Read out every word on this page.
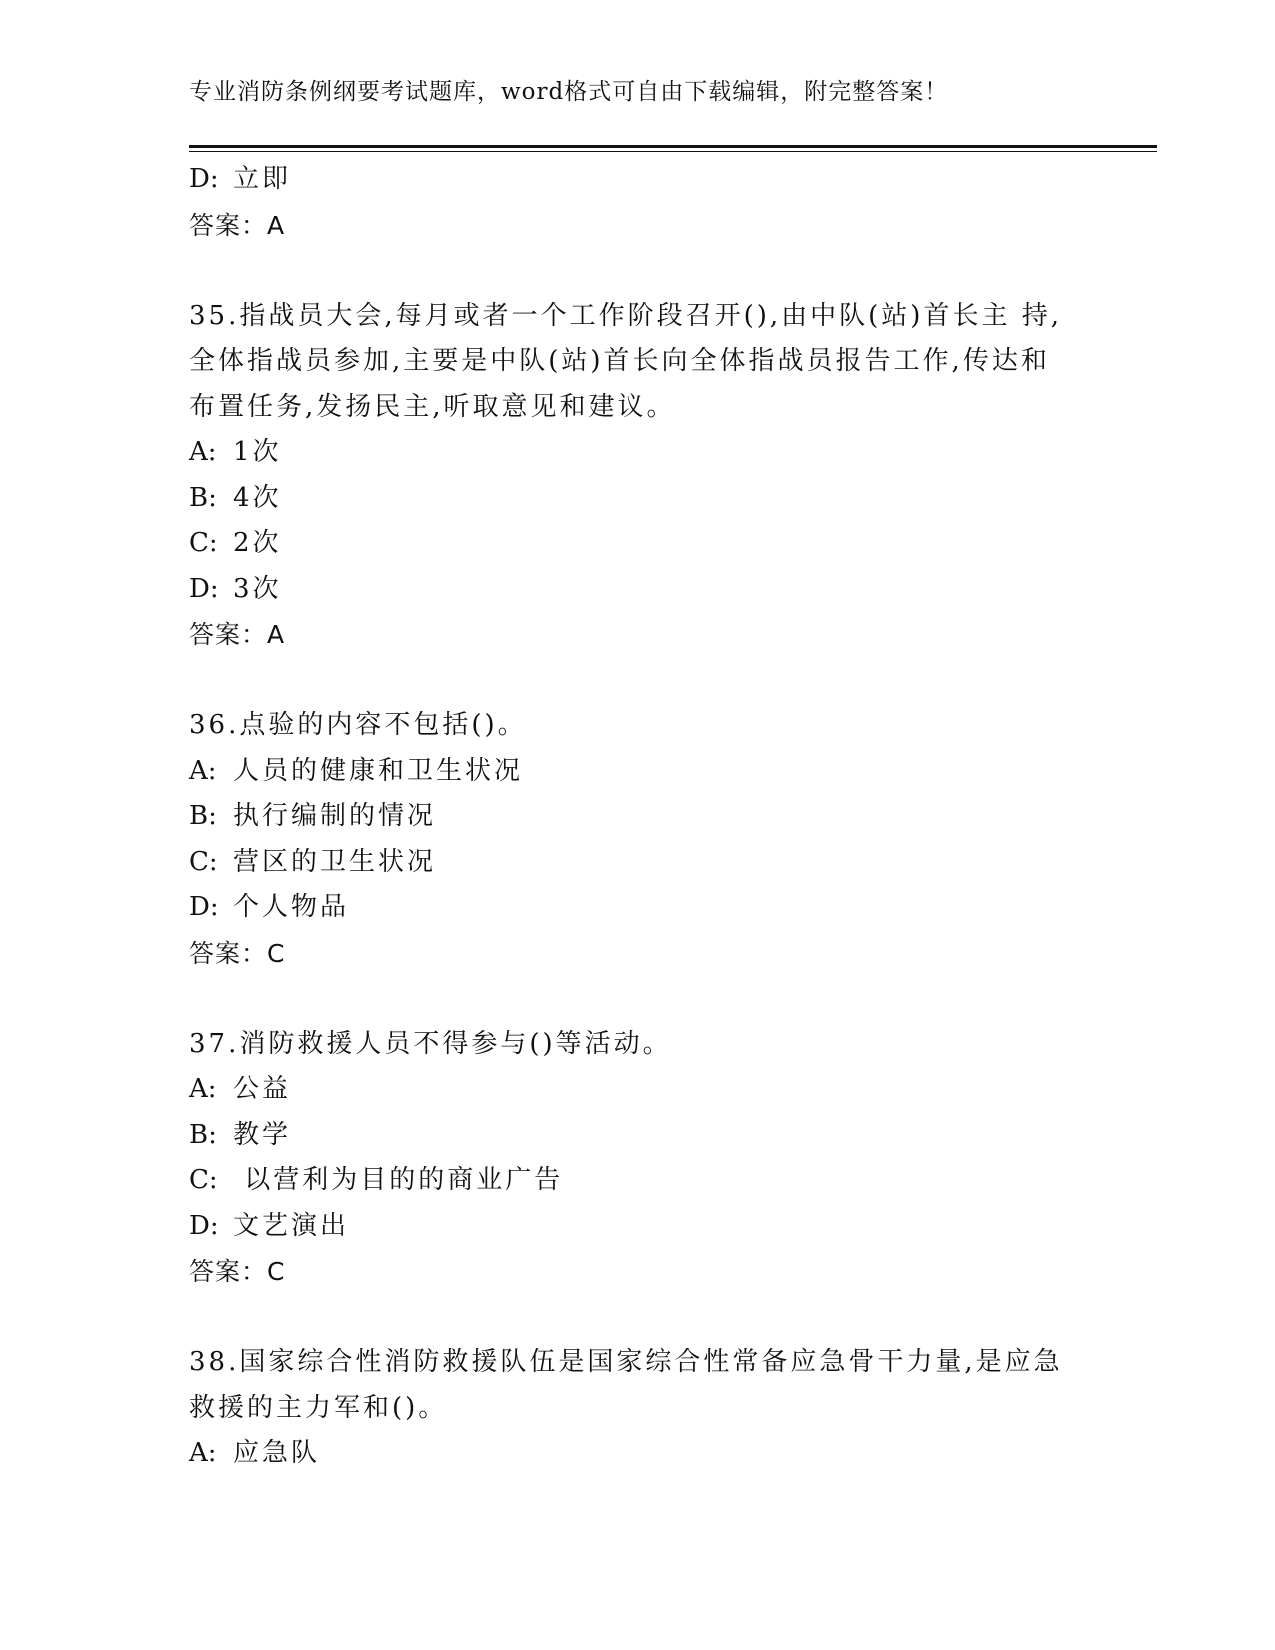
专业消防条例纲要考试题库，word格式可自由下载编辑，附完整答案！
D: 立即
答案：A
35.指战员大会,每月或者一个工作阶段召开(),由中队(站)首长主 持,
全体指战员参加,主要是中队(站)首长向全体指战员报告工作,传达和
布置任务,发扬民主,听取意见和建议。
A: 1次
B: 4次
C: 2次
D: 3次
答案：A
36.点验的内容不包括()。
A: 人员的健康和卫生状况
B: 执行编制的情况
C: 营区的卫生状况
D: 个人物品
答案：C
37.消防救援人员不得参与()等活动。
A: 公益
B: 教学
C: 以营利为目的的商业广告
D: 文艺演出
答案：C
38.国家综合性消防救援队伍是国家综合性常备应急骨干力量,是应急
救援的主力军和()。
A: 应急队
